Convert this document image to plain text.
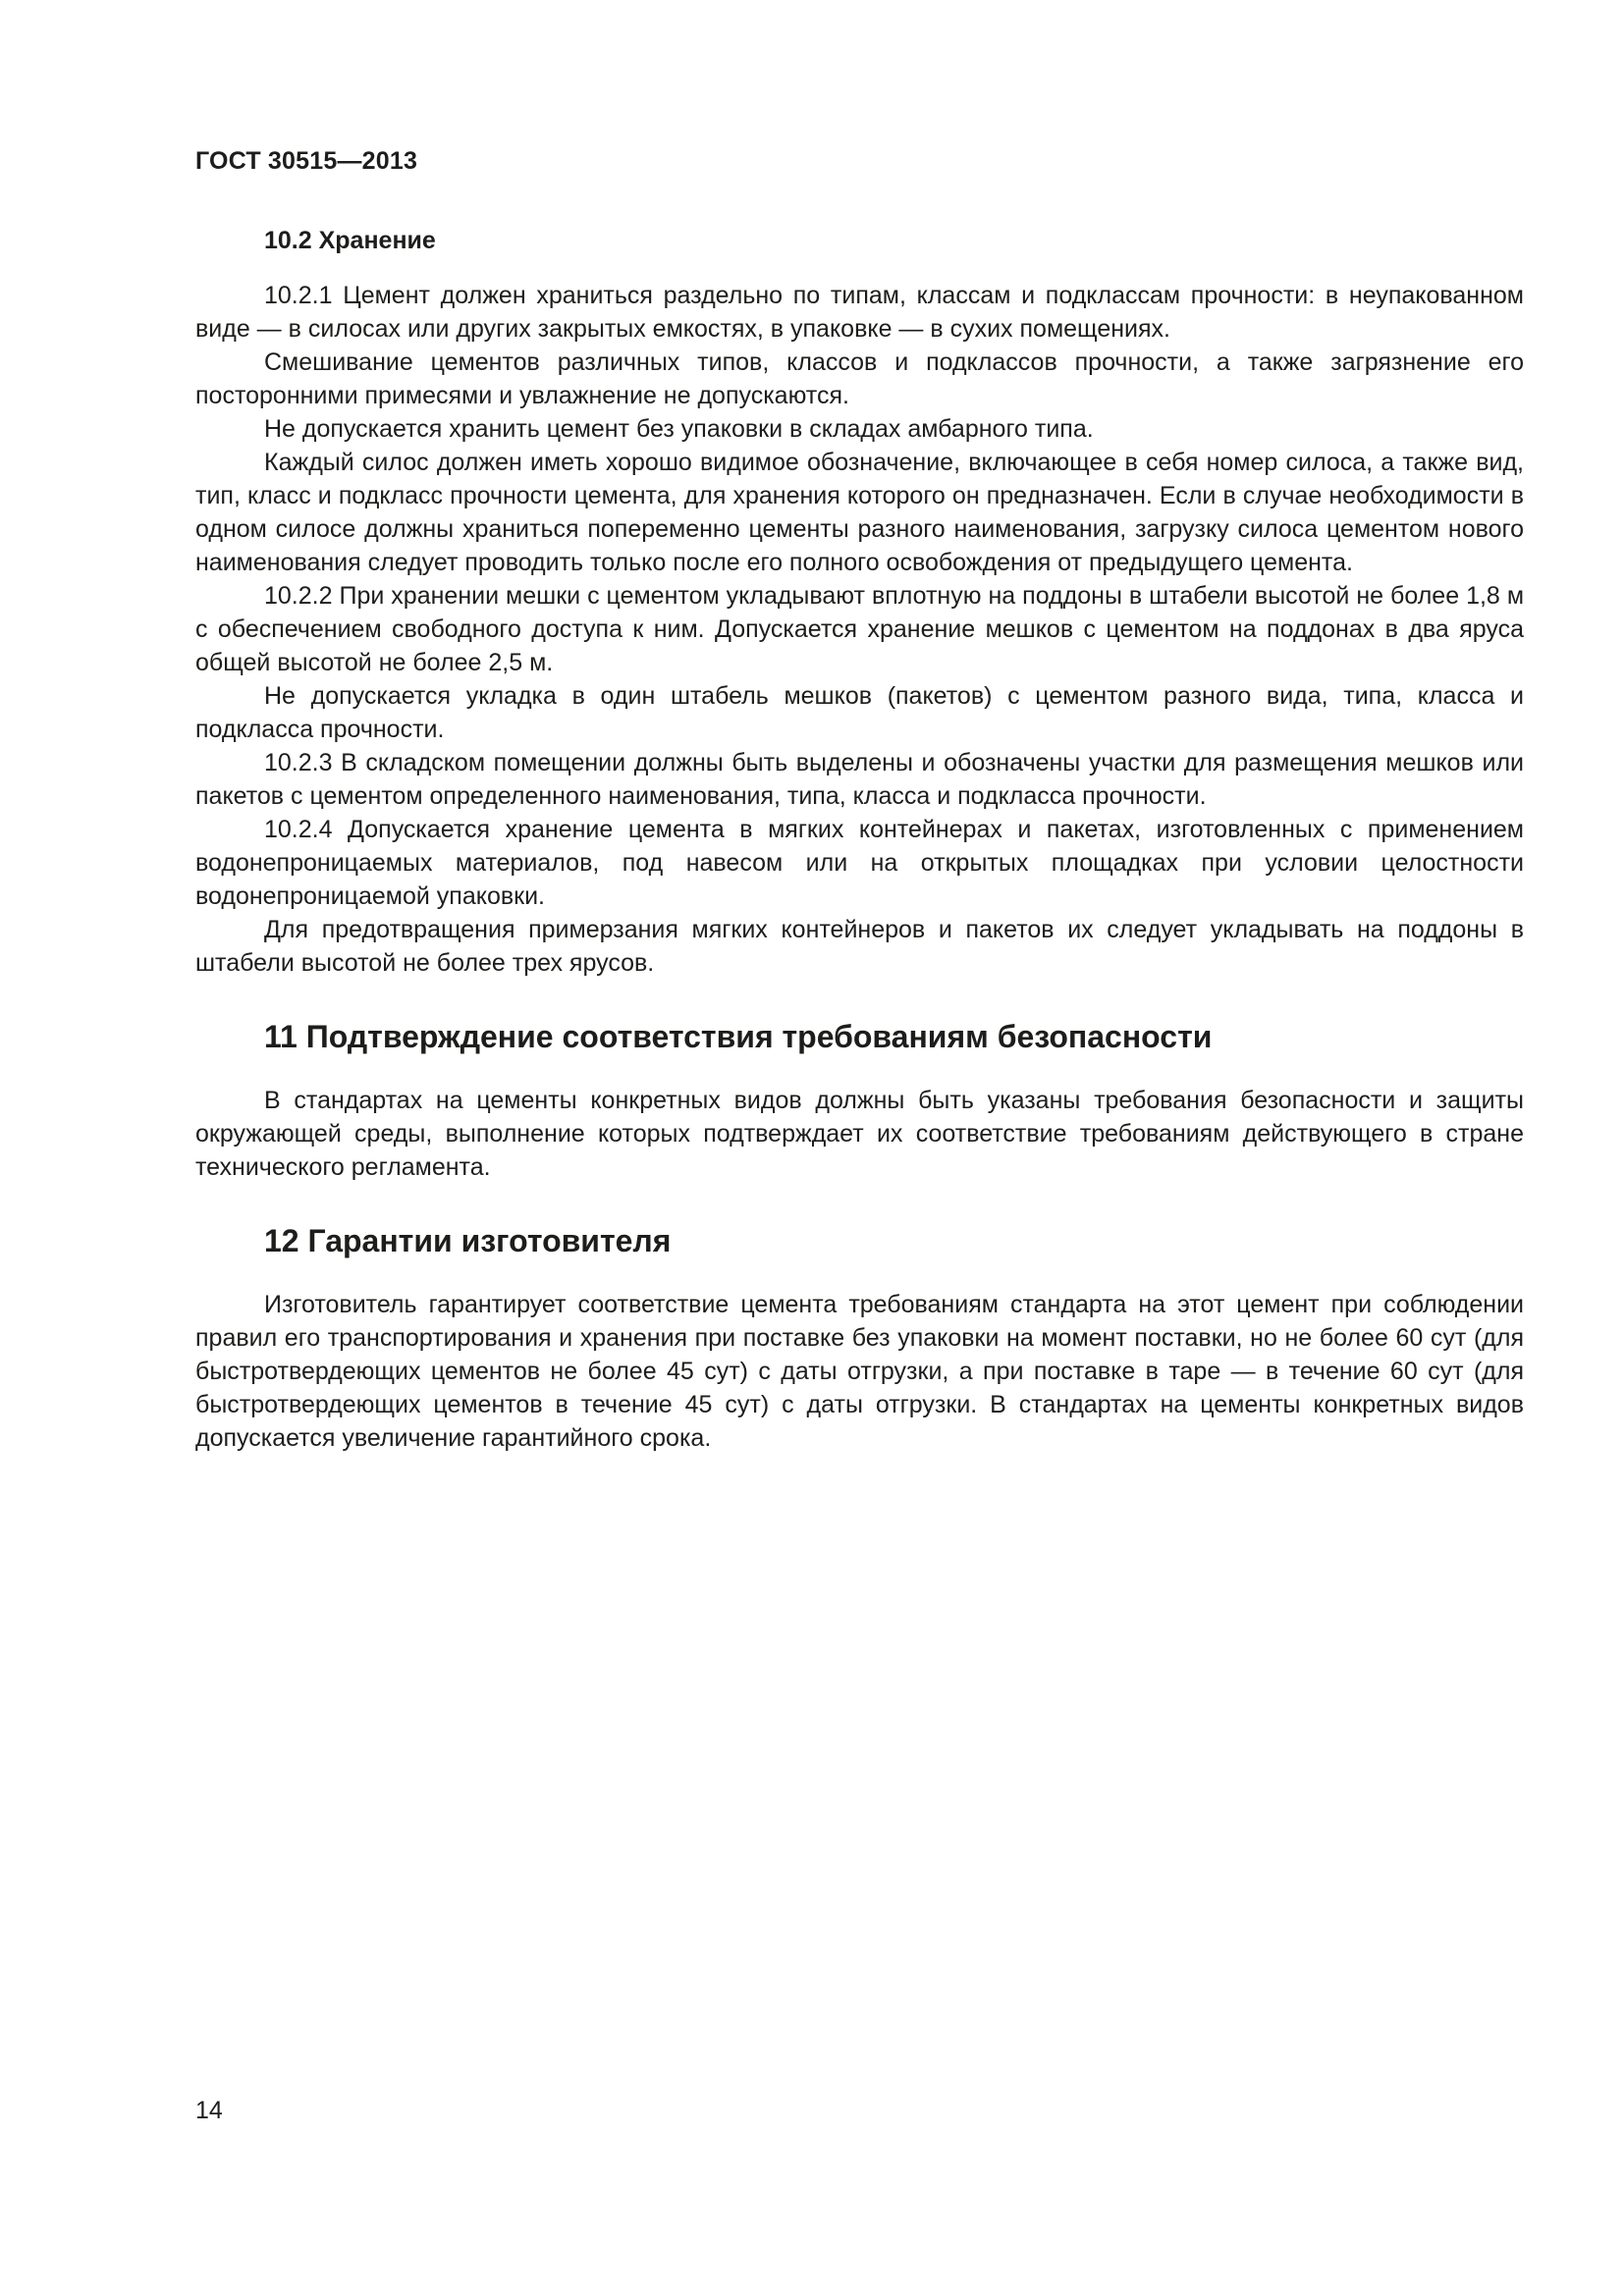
ГОСТ 30515—2013
10.2 Хранение

10.2.1 Цемент должен храниться раздельно по типам, классам и подклассам прочности: в неупакованном виде — в силосах или других закрытых емкостях, в упаковке — в сухих помещениях.

Смешивание цементов различных типов, классов и подклассов прочности, а также загрязнение его посторонними примесями и увлажнение не допускаются.

Не допускается хранить цемент без упаковки в складах амбарного типа.

Каждый силос должен иметь хорошо видимое обозначение, включающее в себя номер силоса, а также вид, тип, класс и подкласс прочности цемента, для хранения которого он предназначен. Если в случае необходимости в одном силосе должны храниться попеременно цементы разного наименования, загрузку силоса цементом нового наименования следует проводить только после его полного освобождения от предыдущего цемента.

10.2.2 При хранении мешки с цементом укладывают вплотную на поддоны в штабели высотой не более 1,8 м с обеспечением свободного доступа к ним. Допускается хранение мешков с цементом на поддонах в два яруса общей высотой не более 2,5 м.

Не допускается укладка в один штабель мешков (пакетов) с цементом разного вида, типа, класса и подкласса прочности.

10.2.3 В складском помещении должны быть выделены и обозначены участки для размещения мешков или пакетов с цементом определенного наименования, типа, класса и подкласса прочности.

10.2.4 Допускается хранение цемента в мягких контейнерах и пакетах, изготовленных с применением водонепроницаемых материалов, под навесом или на открытых площадках при условии целостности водонепроницаемой упаковки.

Для предотвращения примерзания мягких контейнеров и пакетов их следует укладывать на поддоны в штабели высотой не более трех ярусов.

11 Подтверждение соответствия требованиям безопасности

В стандартах на цементы конкретных видов должны быть указаны требования безопасности и защиты окружающей среды, выполнение которых подтверждает их соответствие требованиям действующего в стране технического регламента.

12 Гарантии изготовителя

Изготовитель гарантирует соответствие цемента требованиям стандарта на этот цемент при соблюдении правил его транспортирования и хранения при поставке без упаковки на момент поставки, но не более 60 сут (для быстротвердеющих цементов не более 45 сут) с даты отгрузки, а при поставке в таре — в течение 60 сут (для быстротвердеющих цементов в течение 45 сут) с даты отгрузки. В стандартах на цементы конкретных видов допускается увеличение гарантийного срока.

14
